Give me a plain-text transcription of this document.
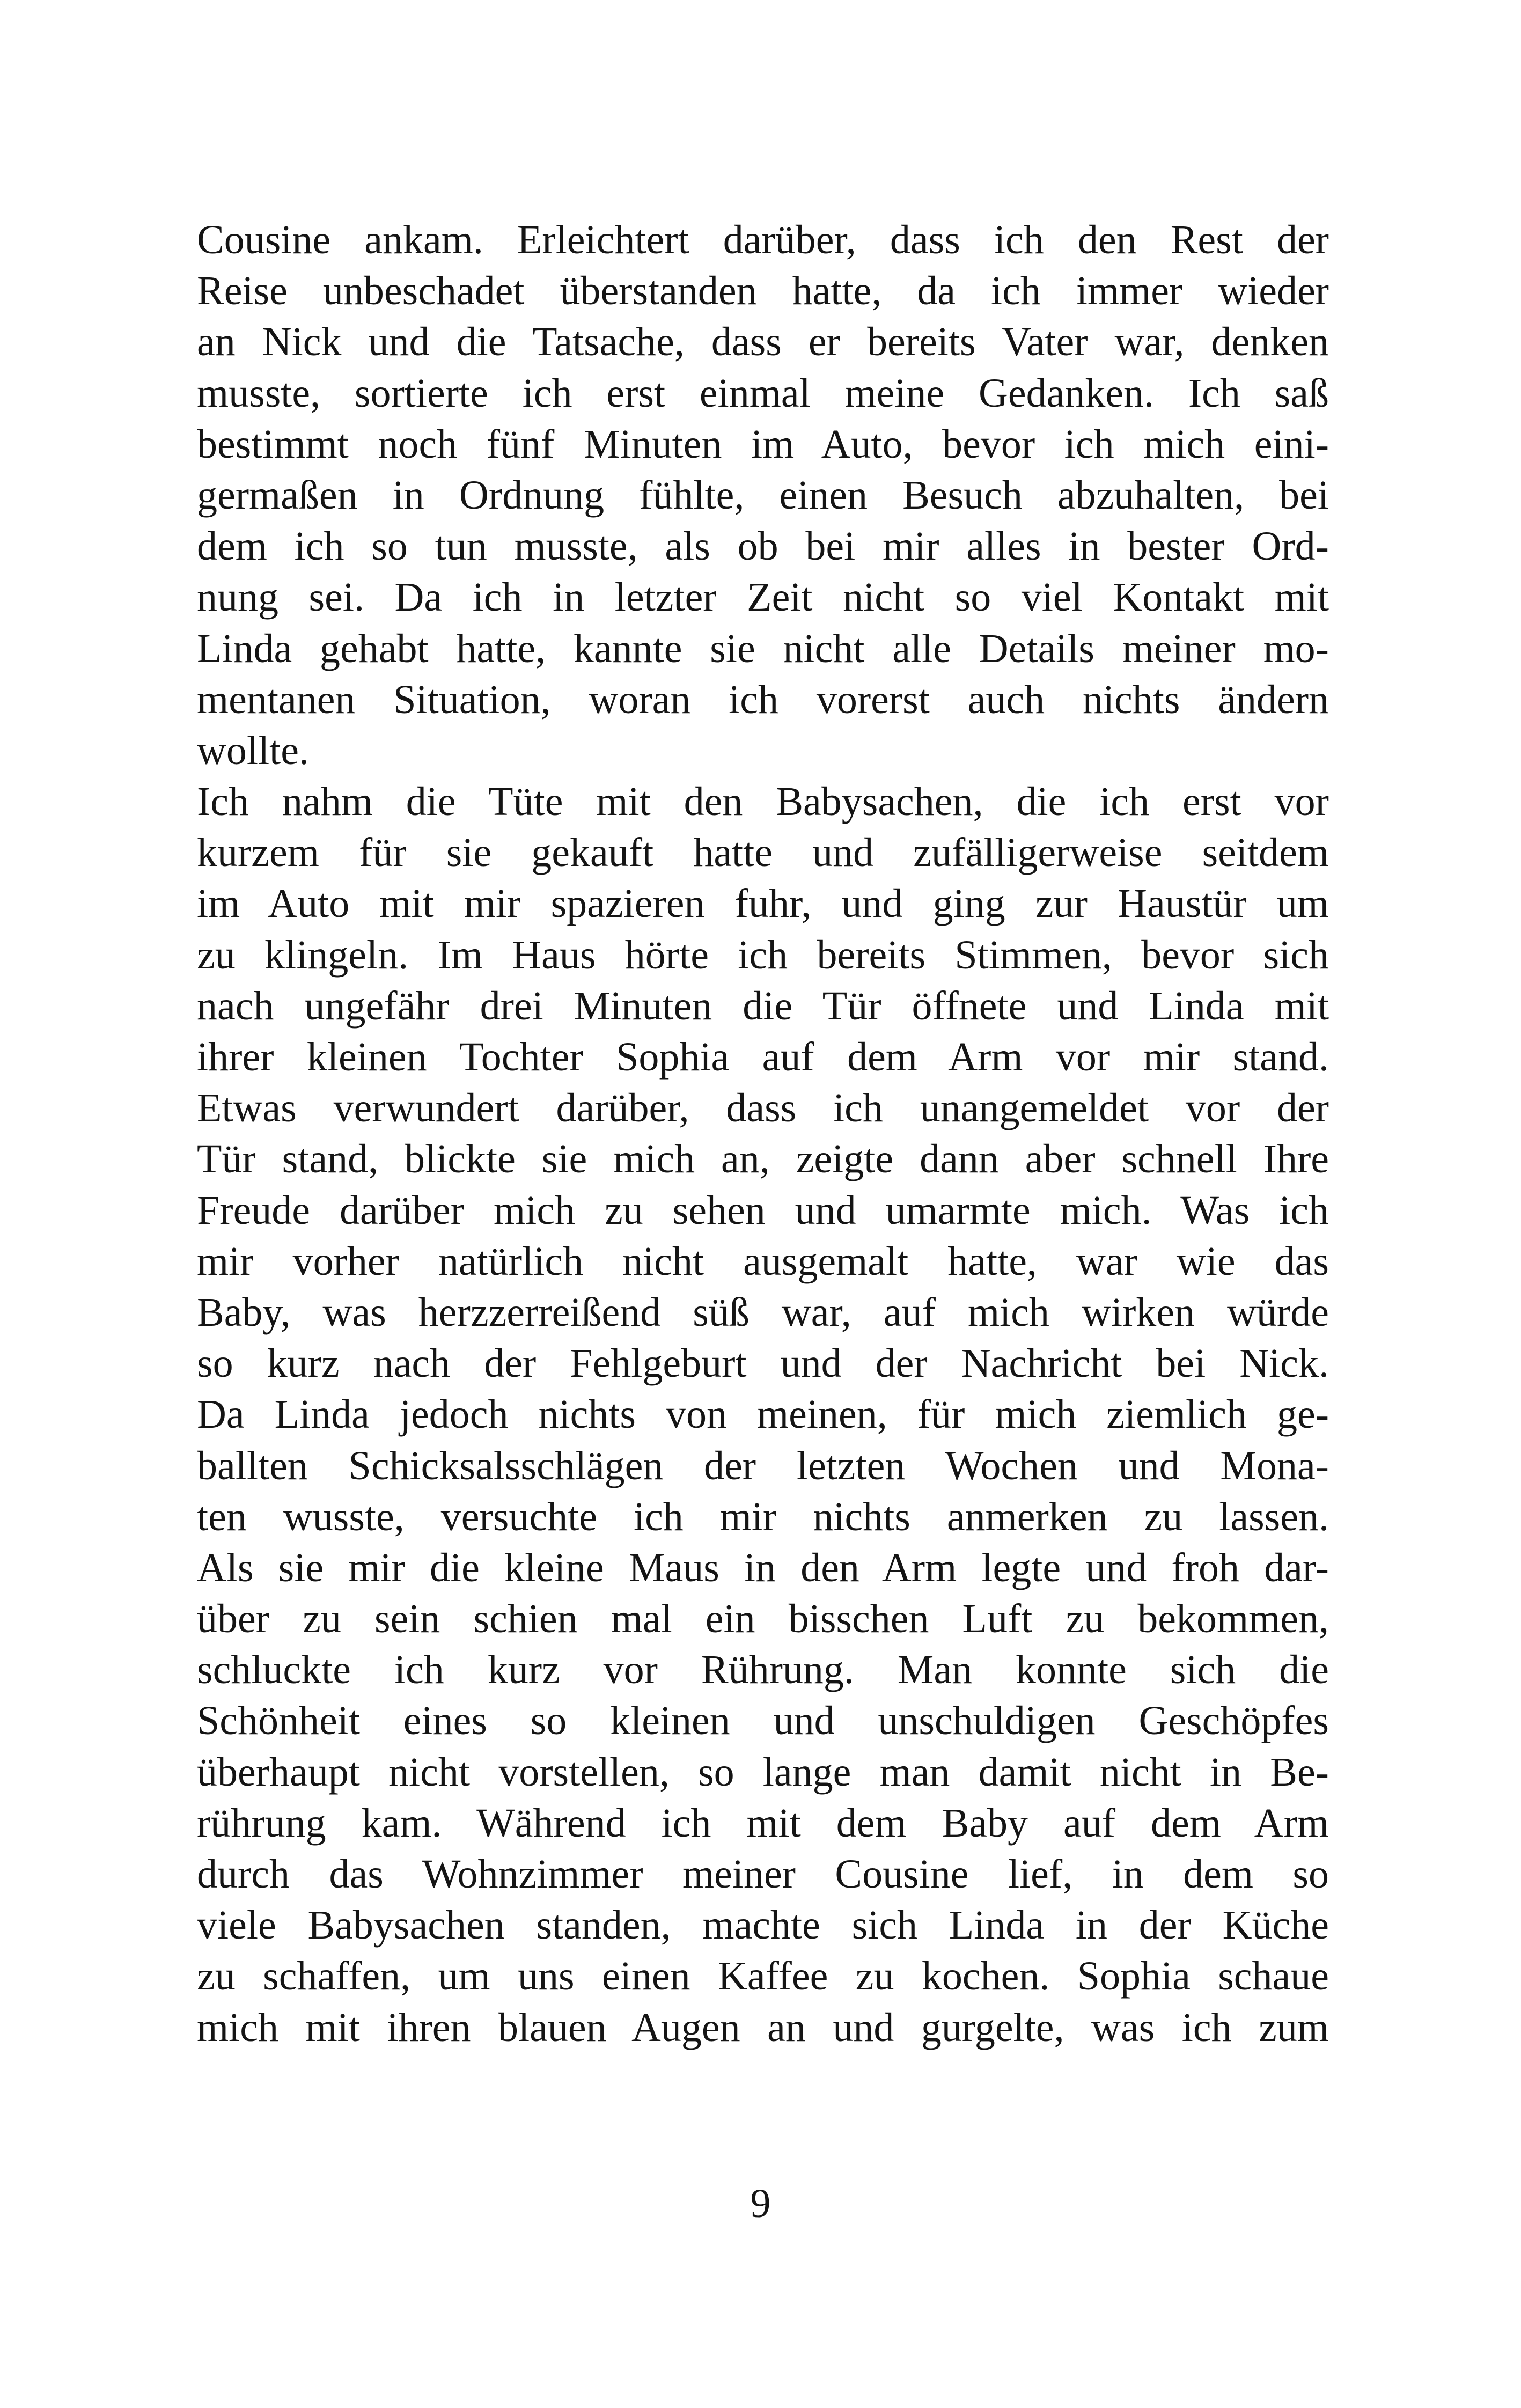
Cousine ankam. Erleichtert darüber, dass ich den Rest der
Reise unbeschadet überstanden hatte, da ich immer wieder
an Nick und die Tatsache, dass er bereits Vater war, denken
musste, sortierte ich erst einmal meine Gedanken. Ich saß
bestimmt noch fünf Minuten im Auto, bevor ich mich eini-
germaßen in Ordnung fühlte, einen Besuch abzuhalten, bei
dem ich so tun musste, als ob bei mir alles in bester Ord-
nung sei. Da ich in letzter Zeit nicht so viel Kontakt mit
Linda gehabt hatte, kannte sie nicht alle Details meiner mo-
mentanen Situation, woran ich vorerst auch nichts ändern
wollte.
Ich nahm die Tüte mit den Babysachen, die ich erst vor
kurzem für sie gekauft hatte und zufälligerweise seitdem
im Auto mit mir spazieren fuhr, und ging zur Haustür um
zu klingeln. Im Haus hörte ich bereits Stimmen, bevor sich
nach ungefähr drei Minuten die Tür öffnete und Linda mit
ihrer kleinen Tochter Sophia auf dem Arm vor mir stand.
Etwas verwundert darüber, dass ich unangemeldet vor der
Tür stand, blickte sie mich an, zeigte dann aber schnell Ihre
Freude darüber mich zu sehen und umarmte mich. Was ich
mir vorher natürlich nicht ausgemalt hatte, war wie das
Baby, was herzzerreißend süß war, auf mich wirken würde
so kurz nach der Fehlgeburt und der Nachricht bei Nick.
Da Linda jedoch nichts von meinen, für mich ziemlich ge-
ballten Schicksalsschlägen der letzten Wochen und Mona-
ten wusste, versuchte ich mir nichts anmerken zu lassen.
Als sie mir die kleine Maus in den Arm legte und froh dar-
über zu sein schien mal ein bisschen Luft zu bekommen,
schluckte ich kurz vor Rührung. Man konnte sich die
Schönheit eines so kleinen und unschuldigen Geschöpfes
überhaupt nicht vorstellen, so lange man damit nicht in Be-
rührung kam. Während ich mit dem Baby auf dem Arm
durch das Wohnzimmer meiner Cousine lief, in dem so
viele Babysachen standen, machte sich Linda in der Küche
zu schaffen, um uns einen Kaffee zu kochen. Sophia schaue
mich mit ihren blauen Augen an und gurgelte, was ich zum
9
